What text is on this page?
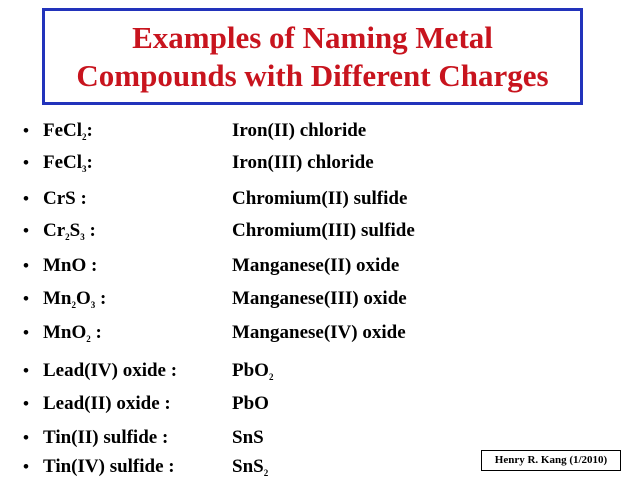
Examples of Naming Metal
Compounds with Different Charges
• FeCl$_2$:	Iron(II) chloride
• FeCl$_3$:	Iron(III) chloride
• CrS :	Chromium(II) sulfide
• $Cr_2S_3$ :	Chromium(III) sulfide
• MnO :	Manganese(II) oxide
• $Mn_2O_3$ :	Manganese(III) oxide
• MnO$_2$ :	Manganese(IV) oxide
• Lead(IV) oxide :	PbO$_2$
• Lead(II) oxide :	PbO
• Tin(II) sulfide :	SnS
• Tin(IV) sulfide :	SnS$_2$
Henry R. Kang (1/2010)
